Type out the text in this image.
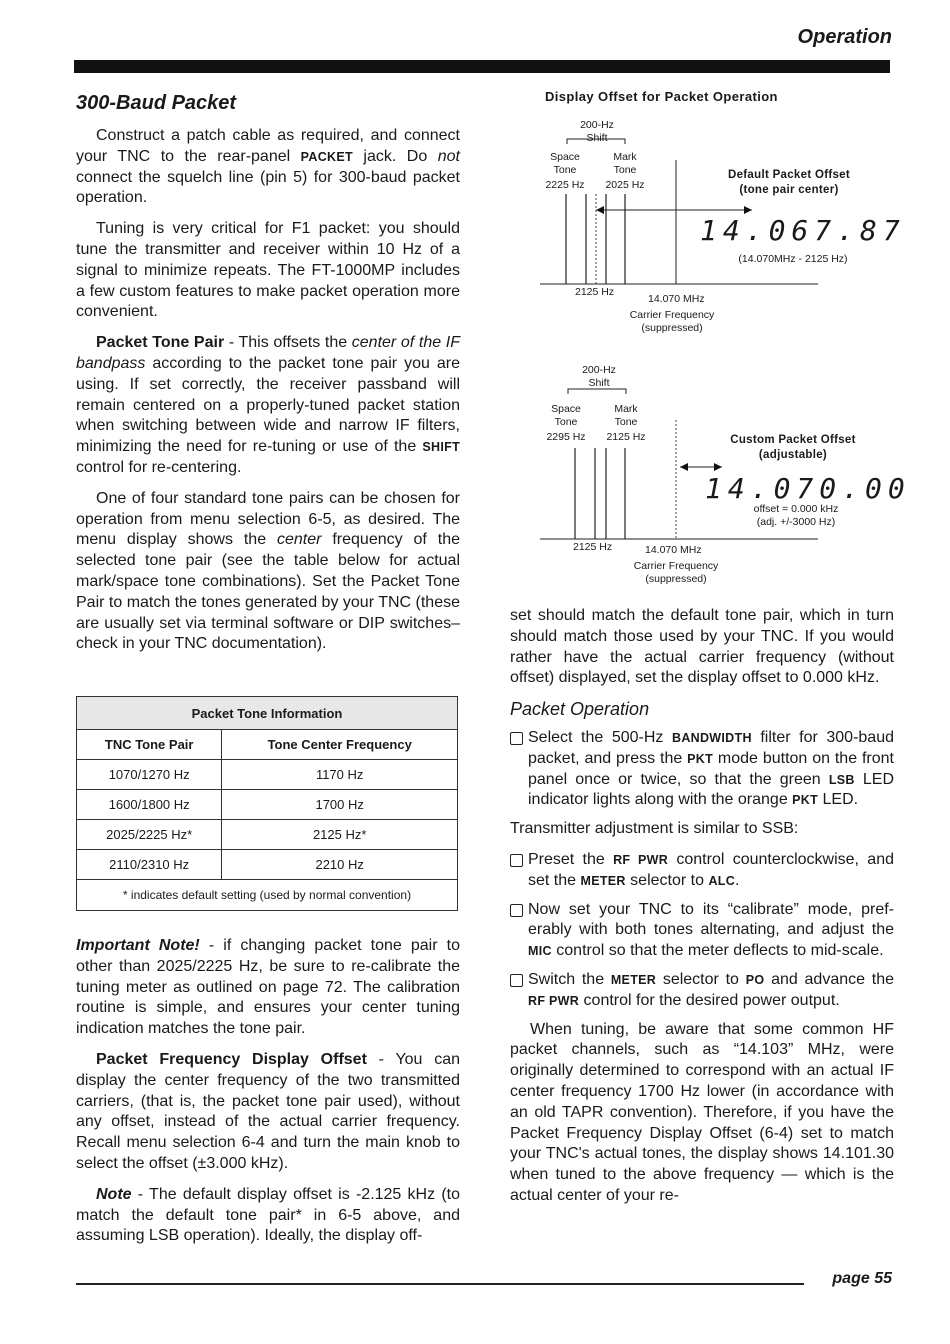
Operation
300-Baud Packet

Construct a patch cable as required, and connect your TNC to the rear-panel PACKET jack. Do not connect the squelch line (pin 5) for 300-baud packet operation.

Tuning is very critical for F1 packet: you should tune the transmitter and receiver within 10 Hz of a signal to minimize repeats. The FT-1000MP includes a few custom features to make packet operation more convenient.

Packet Tone Pair - This offsets the center of the IF bandpass according to the packet tone pair you are using. If set correctly, the receiver passband will remain centered on a properly-tuned packet station when switching between wide and narrow IF filters, minimizing the need for re-tuning or use of the SHIFT control for re-centering.

One of four standard tone pairs can be chosen for operation from menu selection 6-5, as desired. The menu display shows the center frequency of the selected tone pair (see the table below for actual mark/space tone combinations). Set the Packet Tone Pair to match the tones generated by your TNC (these are usually set via terminal software or DIP switches–check in your TNC documentation).

Packet Tone Information	
TNC Tone Pair	Tone Center Frequency
1070/1270 Hz	1170 Hz
1600/1800 Hz	1700 Hz
2025/2225 Hz*	2125 Hz*
2110/2310 Hz	2210 Hz
* indicates default setting (used by normal convention)	

Important Note! - if changing packet tone pair to other than 2025/2225 Hz, be sure to re-calibrate the tuning meter as outlined on page 72. The calibration routine is simple, and ensures your center tuning indication matches the tone pair.

Packet Frequency Display Offset - You can display the center frequency of the two transmitted carriers, (that is, the packet tone pair used), without any offset, instead of the actual carrier frequency. Recall menu selection 6-4 and turn the main knob to select the offset (±3.000 kHz).

Note - The default display offset is -2.125 kHz (to match the default tone pair* in 6-5 above, and assuming LSB operation). Ideally, the display off-

Display Offset for Packet Operation
200-Hz
Shift
Space
Tone
2225 Hz
Mark
Tone
2025 Hz
Default Packet Offset
(tone pair center)
14.067.87
(14.070MHz - 2125 Hz)
2125 Hz
14.070 MHz
Carrier Frequency
(suppressed)
200-Hz
Shift
Space
Tone
2295 Hz
Mark
Tone
2125 Hz	Custom Packet Offset
(adjustable)
14.070.00
offset = 0.000 kHz
(adj. +/-3000 Hz)
2125 Hz	14.070 MHz
Carrier Frequency
(suppressed)

set should match the default tone pair, which in turn should match those used by your TNC. If you would rather have the actual carrier frequency (without offset) displayed, set the display offset to 0.000 kHz.

Packet Operation

Select the 500-Hz BANDWIDTH filter for 300-baud packet, and press the PKT mode button on the front panel once or twice, so that the green LSB LED indicator lights along with the orange PKT LED.

Transmitter adjustment is similar to SSB:

Preset the RF PWR control counterclockwise, and set the METER selector to ALC.

Now set your TNC to its “calibrate” mode, preferably with both tones alternating, and adjust the MIC control so that the meter deflects to mid-scale.

Switch the METER selector to PO and advance the RF PWR control for the desired power output.

When tuning, be aware that some common HF packet channels, such as “14.103” MHz, were originally determined to correspond with an actual IF center frequency 1700 Hz lower (in accordance with an old TAPR convention). Therefore, if you have the Packet Frequency Display Offset (6-4) set to match your TNC's actual tones, the display shows 14.101.30 when tuned to the above frequency — which is the actual center of your re-

page 55
